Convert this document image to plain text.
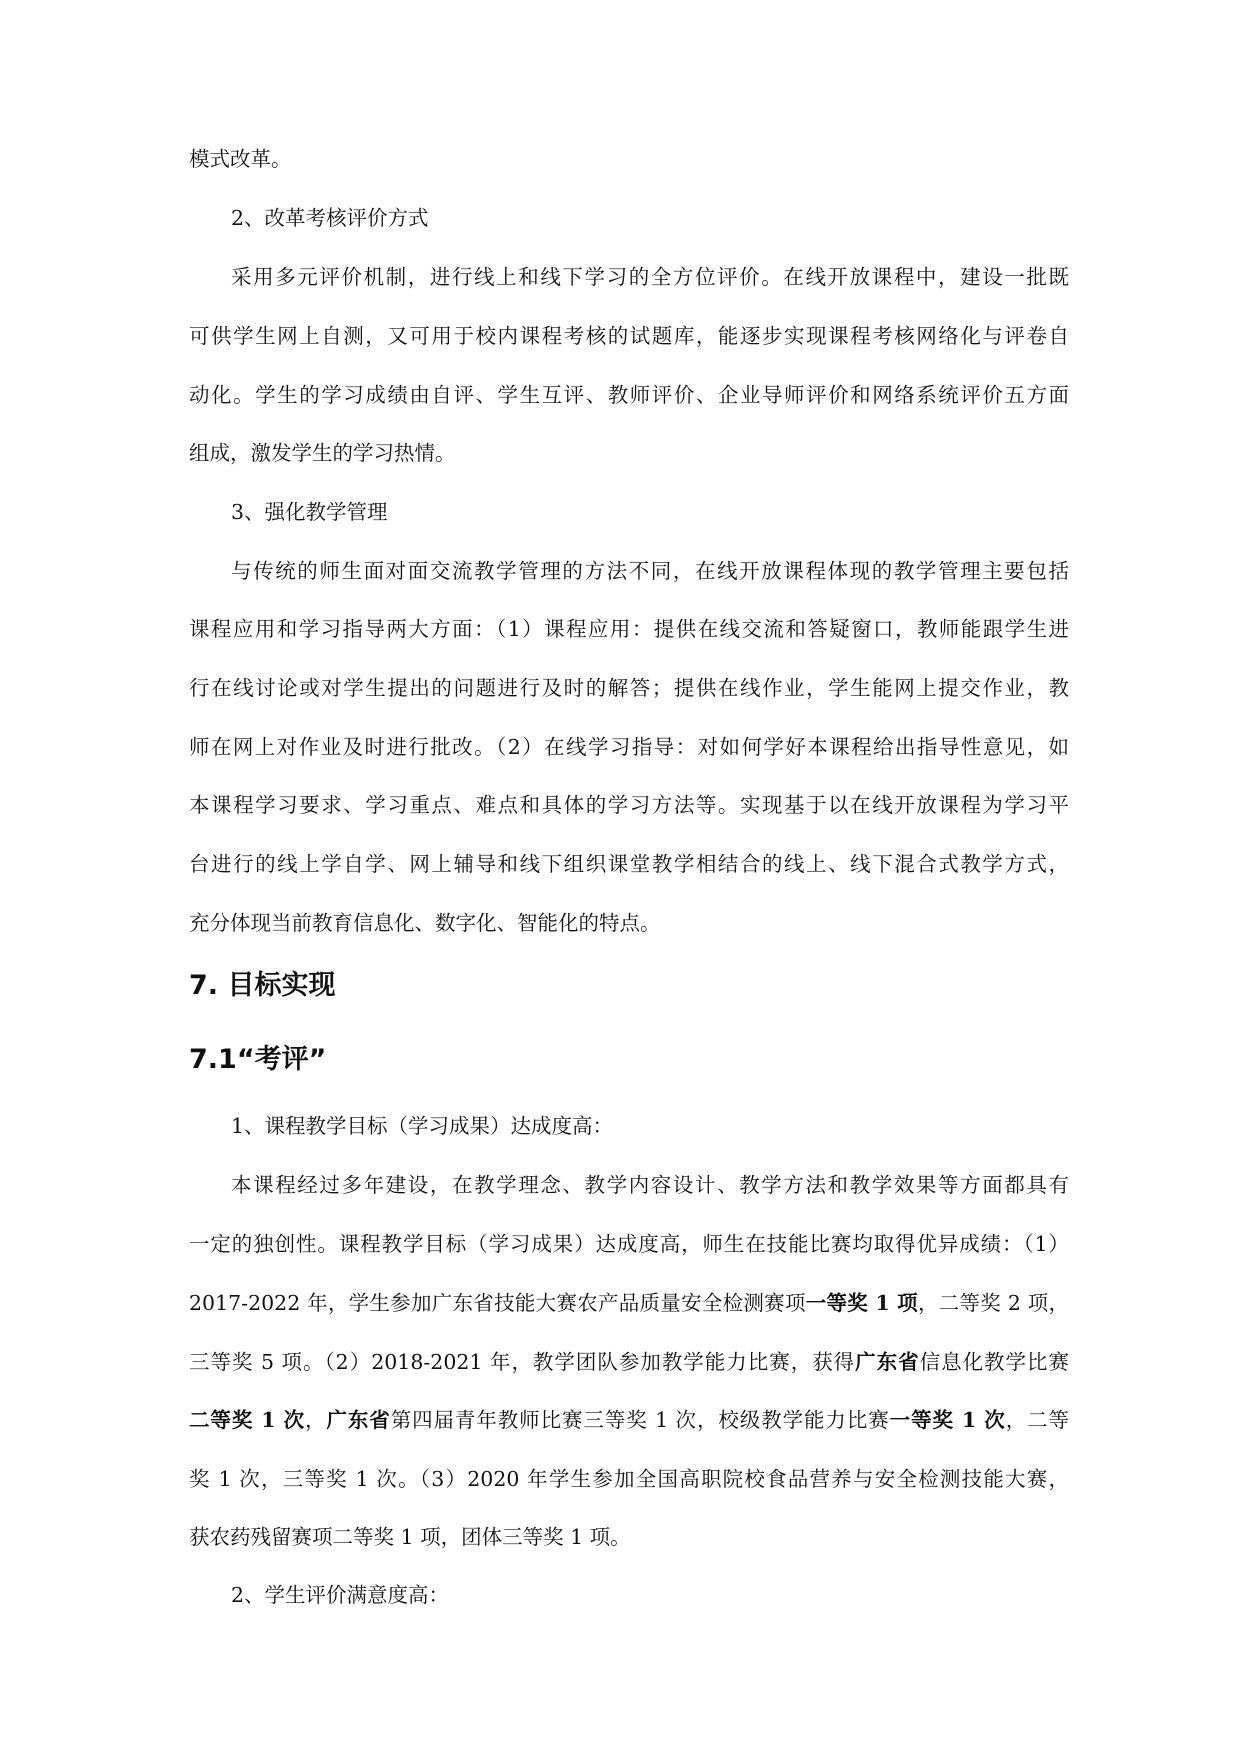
模式改革。
2、改革考核评价方式
采用多元评价机制，进行线上和线下学习的全方位评价。在线开放课程中，建设一批既
可供学生网上自测，又可用于校内课程考核的试题库，能逐步实现课程考核网络化与评卷自
动化。学生的学习成绩由自评、学生互评、教师评价、企业导师评价和网络系统评价五方面
组成，激发学生的学习热情。
3、强化教学管理
与传统的师生面对面交流教学管理的方法不同，在线开放课程体现的教学管理主要包括
课程应用和学习指导两大方面：（1）课程应用：提供在线交流和答疑窗口，教师能跟学生进
行在线讨论或对学生提出的问题进行及时的解答；提供在线作业，学生能网上提交作业，教
师在网上对作业及时进行批改。（2）在线学习指导：对如何学好本课程给出指导性意见，如
本课程学习要求、学习重点、难点和具体的学习方法等。实现基于以在线开放课程为学习平
台进行的线上学自学、网上辅导和线下组织课堂教学相结合的线上、线下混合式教学方式，
充分体现当前教育信息化、数字化、智能化的特点。
7. 目标实现
7.1“考评”
1、课程教学目标（学习成果）达成度高：
本课程经过多年建设，在教学理念、教学内容设计、教学方法和教学效果等方面都具有
一定的独创性。课程教学目标（学习成果）达成度高，师生在技能比赛均取得优异成绩：（1）
2017-2022 年，学生参加广东省技能大赛农产品质量安全检测赛项一等奖 1 项，二等奖 2 项，
三等奖 5 项。（2）2018-2021 年，教学团队参加教学能力比赛，获得广东省信息化教学比赛
二等奖 1 次，广东省第四届青年教师比赛三等奖 1 次，校级教学能力比赛一等奖 1 次，二等
奖 1 次，三等奖 1 次。（3）2020 年学生参加全国高职院校食品营养与安全检测技能大赛，
获农药残留赛项二等奖 1 项，团体三等奖 1 项。
2、学生评价满意度高：
